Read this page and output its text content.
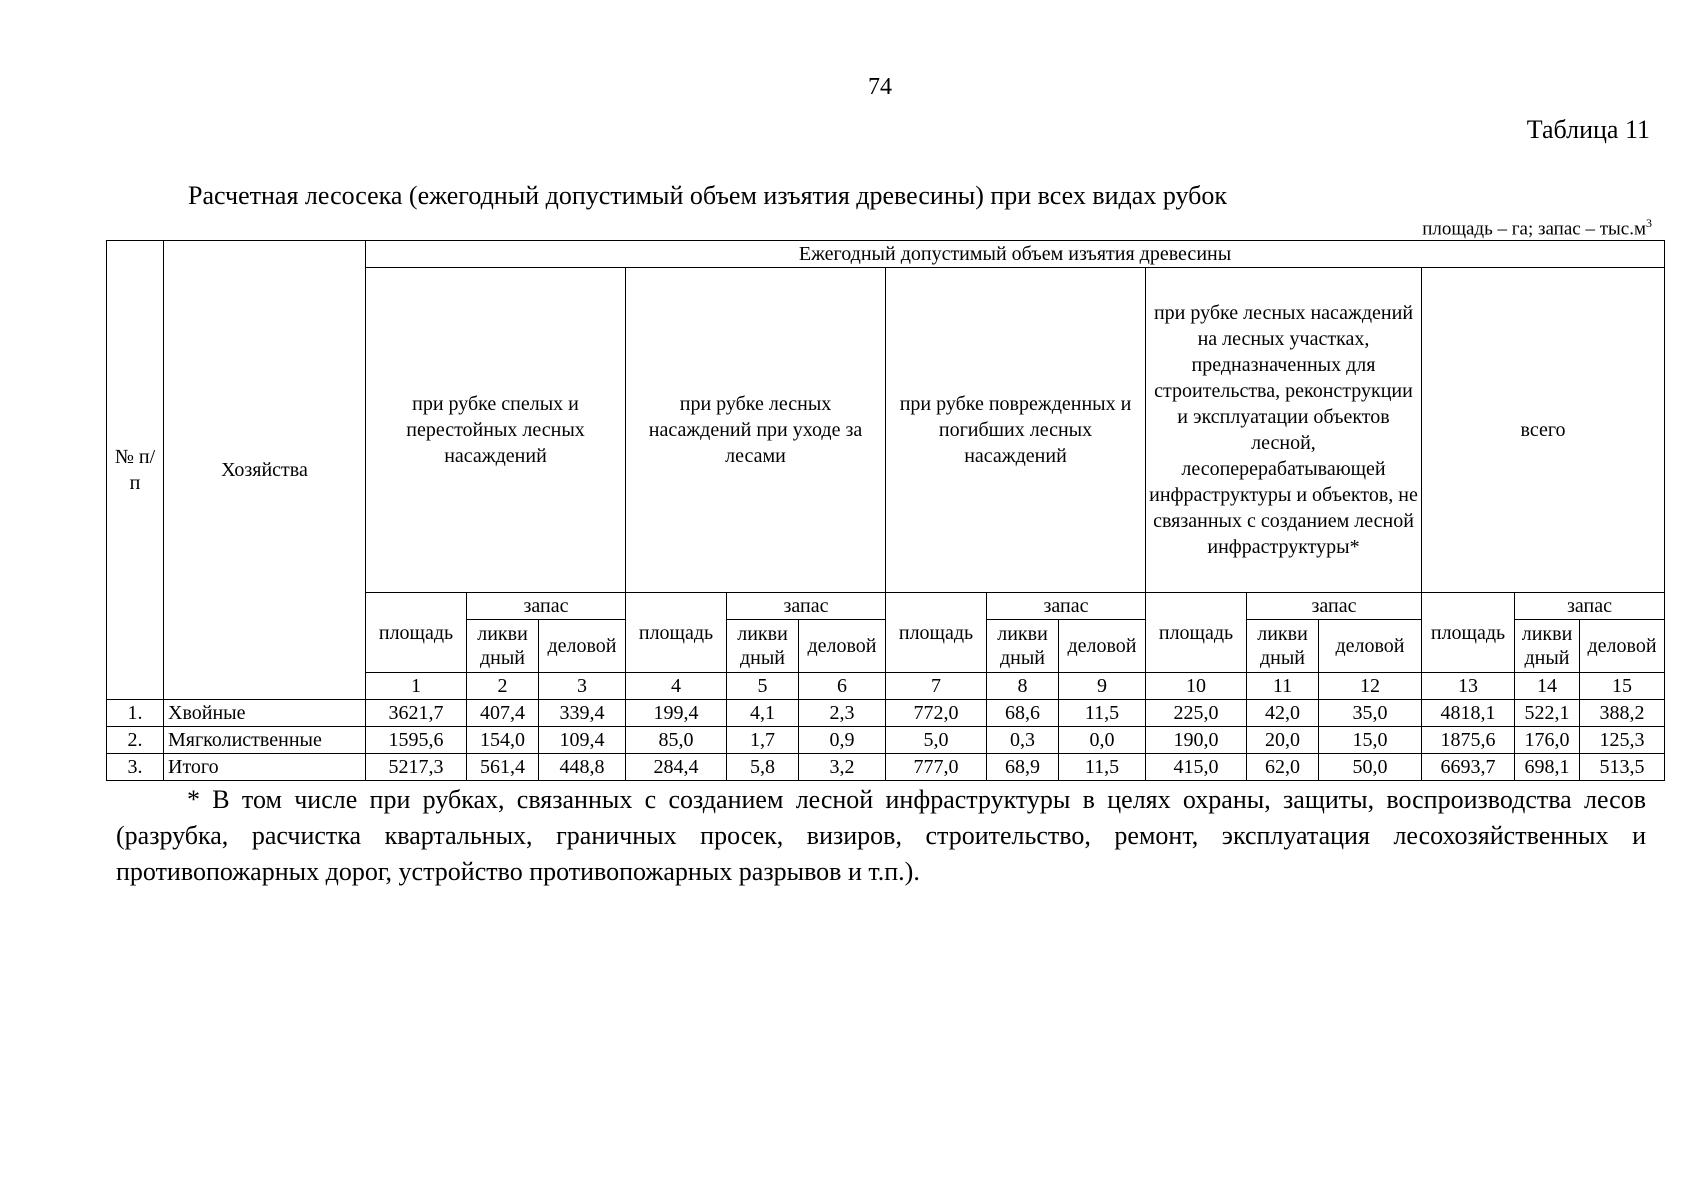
74
Таблица 11
Расчетная лесосека (ежегодный допустимый объем изъятия древесины) при всех видах рубок
площадь – га; запас – $тыс.м^3$
№ п/п	Хозяйства	Ежегодный допустимый объем изъятия древесины															
		при рубке спелых и перестойных лесных насаждений			при рубке лесных насаждений при уходе за лесами			при рубке поврежденных и погибших лесных насаждений			при рубке лесных насаждений на лесных участках, предназначенных для строительства, реконструкции и эксплуатации объектов лесной, лесоперерабатывающей инфраструктуры и объектов, не связанных с созданием лесной инфраструктуры*			всего			
		площадь	запас		площадь	запас		площадь	запас		площадь	запас		площадь	запас		
			ликви дный	деловой		ликви дный	деловой		ликви дный	деловой		ликви дный	деловой		ликви дный	деловой	
		1	2	3	4	5	6	7	8	9	10	11	12	13	14	15		
1.	Хвойные	3621,7	407,4	339,4	199,4	4,1	2,3	772,0	68,6	11,5	225,0	42,0	35,0	4818,1	522,1	388,2	
2.	Мягколиственные	1595,6	154,0	109,4	85,0	1,7	0,9	5,0	0,3	0,0	190,0	20,0	15,0	1875,6	176,0	125,3	
3.	Итого	5217,3	561,4	448,8	284,4	5,8	3,2	777,0	68,9	11,5	415,0	62,0	50,0	6693,7	698,1	513,5	
* В том числе при рубках, связанных с созданием лесной инфраструктуры в целях охраны, защиты, воспроизводства лесов (разрубка, расчистка квартальных, граничных просек, визиров, строительство, ремонт, эксплуатация лесохозяйственных и противопожарных дорог, устройство противопожарных разрывов и т.п.).
